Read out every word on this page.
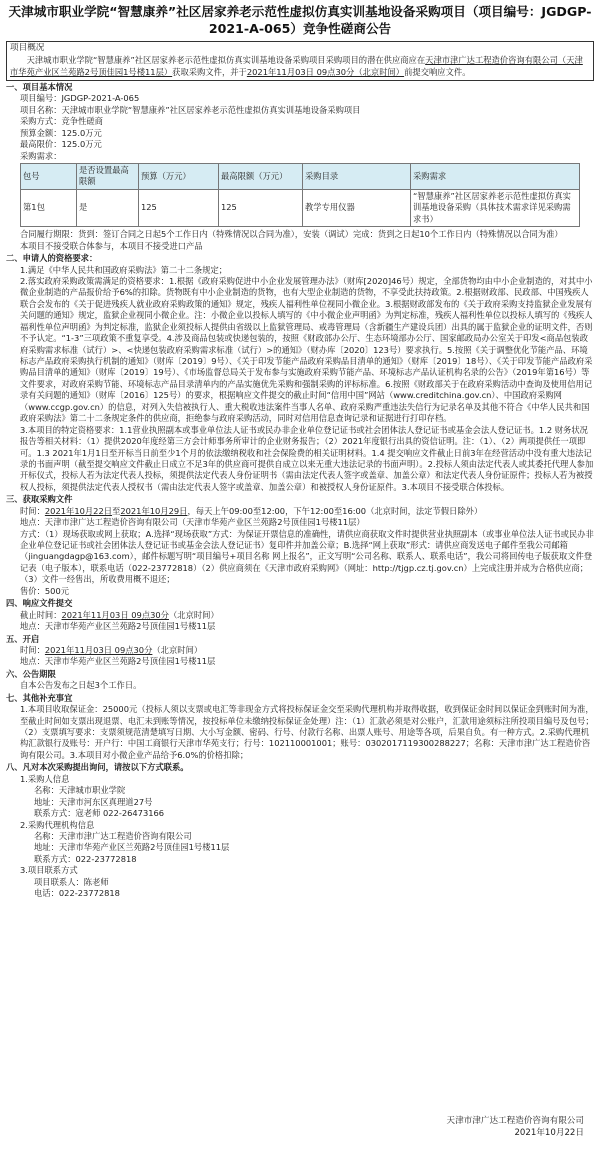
天津城市职业学院“智慧康养”社区居家养老示范性虚拟仿真实训基地设备采购项目（项目编号：JGDGP-2021-A-065）竞争性磋商公告
项目概况
天津城市职业学院“智慧康养”社区居家养老示范性虚拟仿真实训基地设备采购项目采购项目的潜在供应商应在天津市津广达工程造价咨询有限公司（天津市华苑产业区兰苑路2号顶佳园1号楼11层）获取采购文件，并于2021年11月03日 09点30分（北京时间）前提交响应文件。
一、项目基本情况
项目编号：JGDGP-2021-A-065
项目名称：天津城市职业学院“智慧康养”社区居家养老示范性虚拟仿真实训基地设备采购项目
采购方式：竞争性磋商
预算金额：125.0万元
最高限价：125.0万元
采购需求：
包号	是否设置最高限额	预算（万元）	最高限额（万元）	采购目录	采购需求
第1包	是	125	125	教学专用仪器	“智慧康养”社区居家养老示范性虚拟仿真实训基地设备采购（具体技术需求详见采购需求书）
合同履行期限：货到：签订合同之日起5个工作日内（特殊情况以合同为准），安装（调试）完成：货到之日起10个工作日内（特殊情况以合同为准）
本项目不接受联合体参与，本项目不接受进口产品
二、申请人的资格要求：
1.满足《中华人民共和国政府采购法》第二十二条规定；
2.落实政府采购政策需满足的资格要求：1.根据《政府采购促进中小企业发展管理办法》（财库[2020]46号）规定，全部货物均由中小企业制造的，对其中小微企业制造的产品报价给予6%的扣除。货物既有中小企业制造的货物，也有大型企业制造的货物，不享受此扶持政策。2.根据财政部、民政部、中国残疾人联合会发布的《关于促进残疾人就业政府采购政策的通知》规定，残疾人福利性单位视同小微企业。3.根据财政部发布的《关于政府采购支持监狱企业发展有关问题的通知》规定，监狱企业视同小微企业。注：小微企业以投标人填写的《中小微企业声明函》为判定标准，残疾人福利性单位以投标人填写的《残疾人福利性单位声明函》为判定标准，监狱企业须投标人提供由省级以上监狱管理局、戒毒管理局（含新疆生产建设兵团）出具的属于监狱企业的证明文件，否则不予认定。“1-3”三项政策不重复享受。4.涉及商品包装或快递包装的，按照《财政部办公厅、生态环境部办公厅、国家邮政局办公室关于印发<商品包装政府采购需求标准（试行）>、<快递包装政府采购需求标准（试行）>的通知》（财办库〔2020〕123号）要求执行。5.按照《关于调整优化节能产品、环境标志产品政府采购执行机制的通知》（财库〔2019〕9号）、《关于印发节能产品政府采购品目清单的通知》（财库〔2019〕18号）、《关于印发节能产品政府采购品目清单的通知》（财库〔2019〕19号）、《市场监督总局关于发布参与实施政府采购节能产品、环境标志产品认证机构名录的公告》（2019年第16号）等文件要求，对政府采购节能、环境标志产品目录清单内的产品实施优先采购和强制采购的评标标准。6.按照《财政部关于在政府采购活动中查询及使用信用记录有关问题的通知》（财库〔2016〕125号）的要求，根据响应文件提交的截止时间“信用中国”网站（www.creditchina.gov.cn）、中国政府采购网（www.ccgp.gov.cn）的信息，对列入失信被执行人、重大税收违法案件当事人名单、政府采购严重违法失信行为记录名单及其他不符合《中华人民共和国政府采购法》第二十二条规定条件的供应商，拒绝参与政府采购活动，同时对信用信息查询记录和证据进行打印存档。
3.本项目的特定资格要求：1.1营业执照副本或事业单位法人证书或民办非企业单位登记证书或社会团体法人登记证书或基金会法人登记证书。1.2 财务状况报告等相关材料：（1）提供2020年度经第三方会计师事务所审计的企业财务报告；（2）2021年度银行出具的资信证明。注：（1）、（2）两项提供任一项即可。1.3 2021年1月1日至开标当日前至少1个月的依法缴纳税收和社会保险费的相关证明材料。1.4 提交响应文件截止日前3年在经营活动中没有重大违法记录的书面声明（截至提交响应文件截止日成立不足3年的供应商可提供自成立以来无重大违法记录的书面声明）。2.投标人须由法定代表人或其委托代理人参加开标仪式，投标人若为法定代表人投标，须提供法定代表人身份证明书（需由法定代表人签字或盖章、加盖公章）和法定代表人身份证原件；投标人若为被授权人投标，须提供法定代表人授权书（需由法定代表人签字或盖章、加盖公章）和被授权人身份证原件。3.本项目不接受联合体投标。
三、获取采购文件
时间：2021年10月22日至2021年10月29日，每天上午09:00至12:00，下午12:00至16:00（北京时间，法定节假日除外）
地点：天津市津广达工程造价咨询有限公司（天津市华苑产业区兰苑路2号顶佳园1号楼11层）
方式：（1）现场获取或网上获取；A.选择“现场获取”方式：为保证开票信息的准确性，请供应商获取文件时提供营业执照副本（或事业单位法人证书或民办非企业单位登记证书或社会团体法人登记证书或基金会法人登记证书）复印件并加盖公章；B.选择“网上获取”形式：请供应商发送电子邮件至我公司邮箱（jinguangdagp@163.com），邮件标题写明“项目编号+项目名称 网上报名”，正文写明“公司名称、联系人、联系电话”，我公司将回传电子版获取文件登记表（电子版本），联系电话（022-23772818）（2）供应商须在《天津市政府采购网》（网址：http://tjgp.cz.tj.gov.cn）上完成注册并成为合格供应商；（3）文件一经售出，所收费用概不退还；
售价：500元
四、响应文件提交
截止时间：2021年11月03日 09点30分（北京时间）
地点：天津市华苑产业区兰苑路2号顶佳园1号楼11层
五、开启
时间：2021年11月03日 09点30分（北京时间）
地点：天津市华苑产业区兰苑路2号顶佳园1号楼11层
六、公告期限
自本公告发布之日起3个工作日。
七、其他补充事宜
1.本项目收取保证金：25000元（投标人须以支票或电汇等非现金方式将投标保证金交至采购代理机构并取得收据，收到保证金时间以保证金到账时间为准，至截止时间如支票出现退票、电汇未到账等情况，按投标单位未缴纳投标保证金处理）注：（1）汇款必须是对公账户，汇款用途须标注所投项目编号及包号；（2）支票填写要求：支票须规范清楚填写日期、大小写金额、密码、行号、付款行名称、出票人账号、用途等各项，后果自负。有一种方式。2.采购代理机构汇款银行及账号：开户行：中国工商银行天津市华苑支行；行号：102110001001；账号：0302017119300288227；名称：天津市津广达工程造价咨询有限公司。3.本项目对小微企业产品给予6.0%的价格扣除；
八、凡对本次采购提出询问，请按以下方式联系。
1.采购人信息
名称：天津城市职业学院
地址：天津市河东区真理道27号
联系方式：寇老师 022-26473166
2.采购代理机构信息
名称：天津市津广达工程造价咨询有限公司
地址：天津市华苑产业区兰苑路2号顶佳园1号楼11层
联系方式：022-23772818
3.项目联系方式
项目联系人：陈老师
电话：022-23772818
天津市津广达工程造价咨询有限公司
2021年10月22日
